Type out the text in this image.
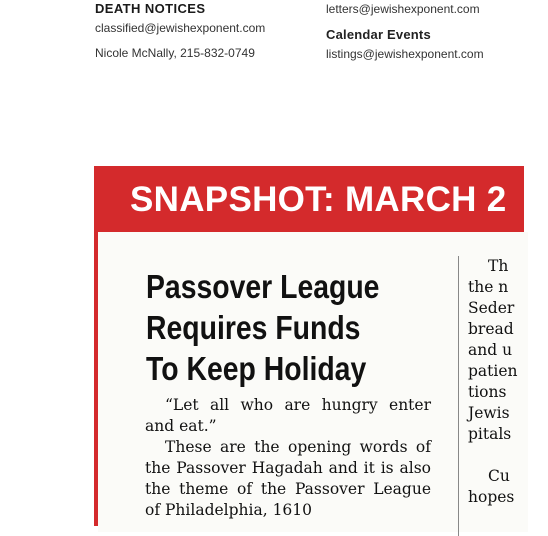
DEATH NOTICES
classified@jewishexponent.com
Nicole McNally, 215-832-0749
letters@jewishexponent.com
Calendar Events
listings@jewishexponent.com
SNAPSHOT: MARCH 2
Passover League
Requires Funds
To Keep Holiday

“Let all who are hungry enter and eat.”

These are the opening words of the Passover Hagadah and it is also the theme of the Passover League of Philadelphia, 1610

Th
the n
Seder
bread
and u
patien
tions
Jewis
pitals
Cu
hopes
